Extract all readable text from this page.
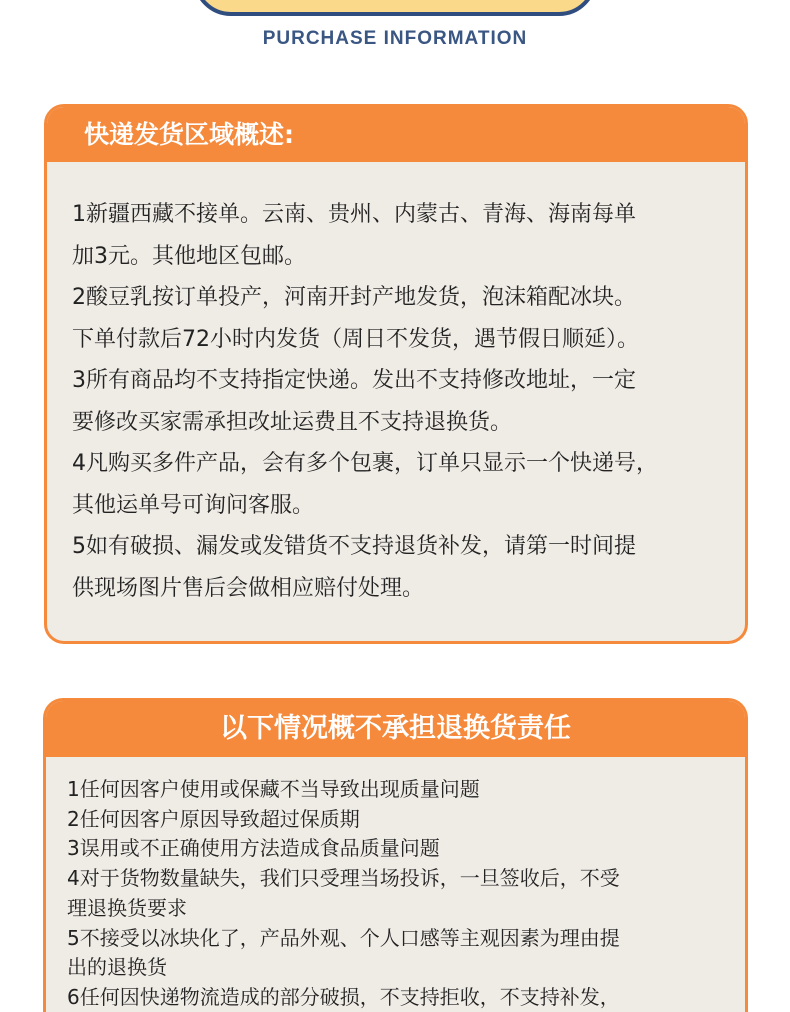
PURCHASE INFORMATION
快递发货区域概述:
1新疆西藏不接单。云南、贵州、内蒙古、青海、海南每单
加3元。其他地区包邮。
2酸豆乳按订单投产，河南开封产地发货，泡沫箱配冰块。
下单付款后72小时内发货（周日不发货，遇节假日顺延）。
3所有商品均不支持指定快递。发出不支持修改地址，一定
要修改买家需承担改址运费且不支持退换货。
4凡购买多件产品，会有多个包裹，订单只显示一个快递号，
其他运单号可询问客服。
5如有破损、漏发或发错货不支持退货补发，请第一时间提
供现场图片售后会做相应赔付处理。
以下情况概不承担退换货责任
1任何因客户使用或保藏不当导致出现质量问题
2任何因客户原因导致超过保质期
3误用或不正确使用方法造成食品质量问题
4对于货物数量缺失，我们只受理当场投诉，一旦签收后，不受
理退换货要求
5不接受以冰块化了，产品外观、个人口感等主观因素为理由提
出的退换货
6任何因快递物流造成的部分破损，不支持拒收，不支持补发，
